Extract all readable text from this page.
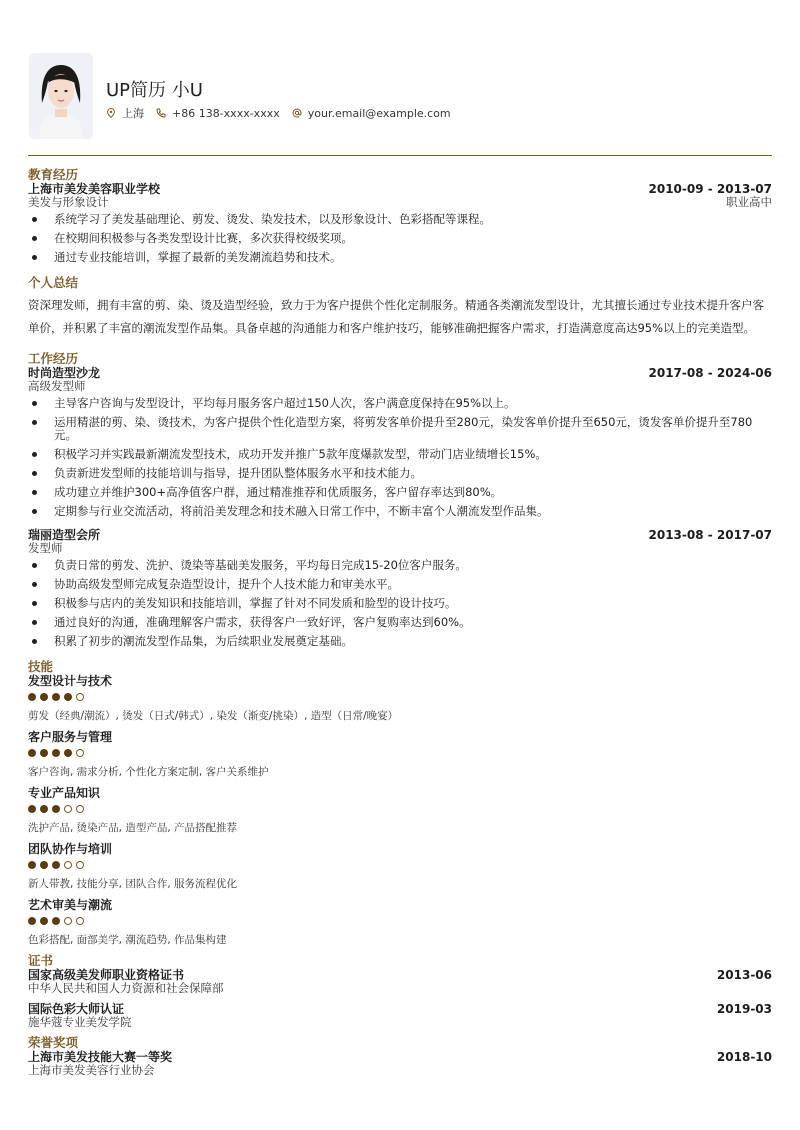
UP简历 小U
上海	+86 138-xxxx-xxxx	your.email@example.com
教育经历
上海市美发美容职业学校	2010-09 - 2013-07
美发与形象设计	职业高中
系统学习了美发基础理论、剪发、烫发、染发技术，以及形象设计、色彩搭配等课程。
在校期间积极参与各类发型设计比赛，多次获得校级奖项。
通过专业技能培训，掌握了最新的美发潮流趋势和技术。
个人总结
资深理发师，拥有丰富的剪、染、烫及造型经验，致力于为客户提供个性化定制服务。精通各类潮流发型设计，尤其擅长通过专业技术提升客户客单价，并积累了丰富的潮流发型作品集。具备卓越的沟通能力和客户维护技巧，能够准确把握客户需求，打造满意度高达95%以上的完美造型。
工作经历
时尚造型沙龙	2017-08 - 2024-06
高级发型师
主导客户咨询与发型设计，平均每月服务客户超过150人次，客户满意度保持在95%以上。
运用精湛的剪、染、烫技术，为客户提供个性化造型方案，将剪发客单价提升至280元，染发客单价提升至650元，烫发客单价提升至780元。
积极学习并实践最新潮流发型技术，成功开发并推广5款年度爆款发型，带动门店业绩增长15%。
负责新进发型师的技能培训与指导，提升团队整体服务水平和技术能力。
成功建立并维护300+高净值客户群，通过精准推荐和优质服务，客户留存率达到80%。
定期参与行业交流活动，将前沿美发理念和技术融入日常工作中，不断丰富个人潮流发型作品集。
瑞丽造型会所	2013-08 - 2017-07
发型师
负责日常的剪发、洗护、烫染等基础美发服务，平均每日完成15-20位客户服务。
协助高级发型师完成复杂造型设计，提升个人技术能力和审美水平。
积极参与店内的美发知识和技能培训，掌握了针对不同发质和脸型的设计技巧。
通过良好的沟通，准确理解客户需求，获得客户一致好评，客户复购率达到60%。
积累了初步的潮流发型作品集，为后续职业发展奠定基础。
技能
发型设计与技术
剪发（经典/潮流）, 烫发（日式/韩式）, 染发（渐变/挑染）, 造型（日常/晚宴）
客户服务与管理
客户咨询, 需求分析, 个性化方案定制, 客户关系维护
专业产品知识
洗护产品, 烫染产品, 造型产品, 产品搭配推荐
团队协作与培训
新人带教, 技能分享, 团队合作, 服务流程优化
艺术审美与潮流
色彩搭配, 面部美学, 潮流趋势, 作品集构建
证书
国家高级美发师职业资格证书	2013-06
中华人民共和国人力资源和社会保障部
国际色彩大师认证	2019-03
施华蔻专业美发学院
荣誉奖项
上海市美发技能大赛一等奖	2018-10
上海市美发美容行业协会
